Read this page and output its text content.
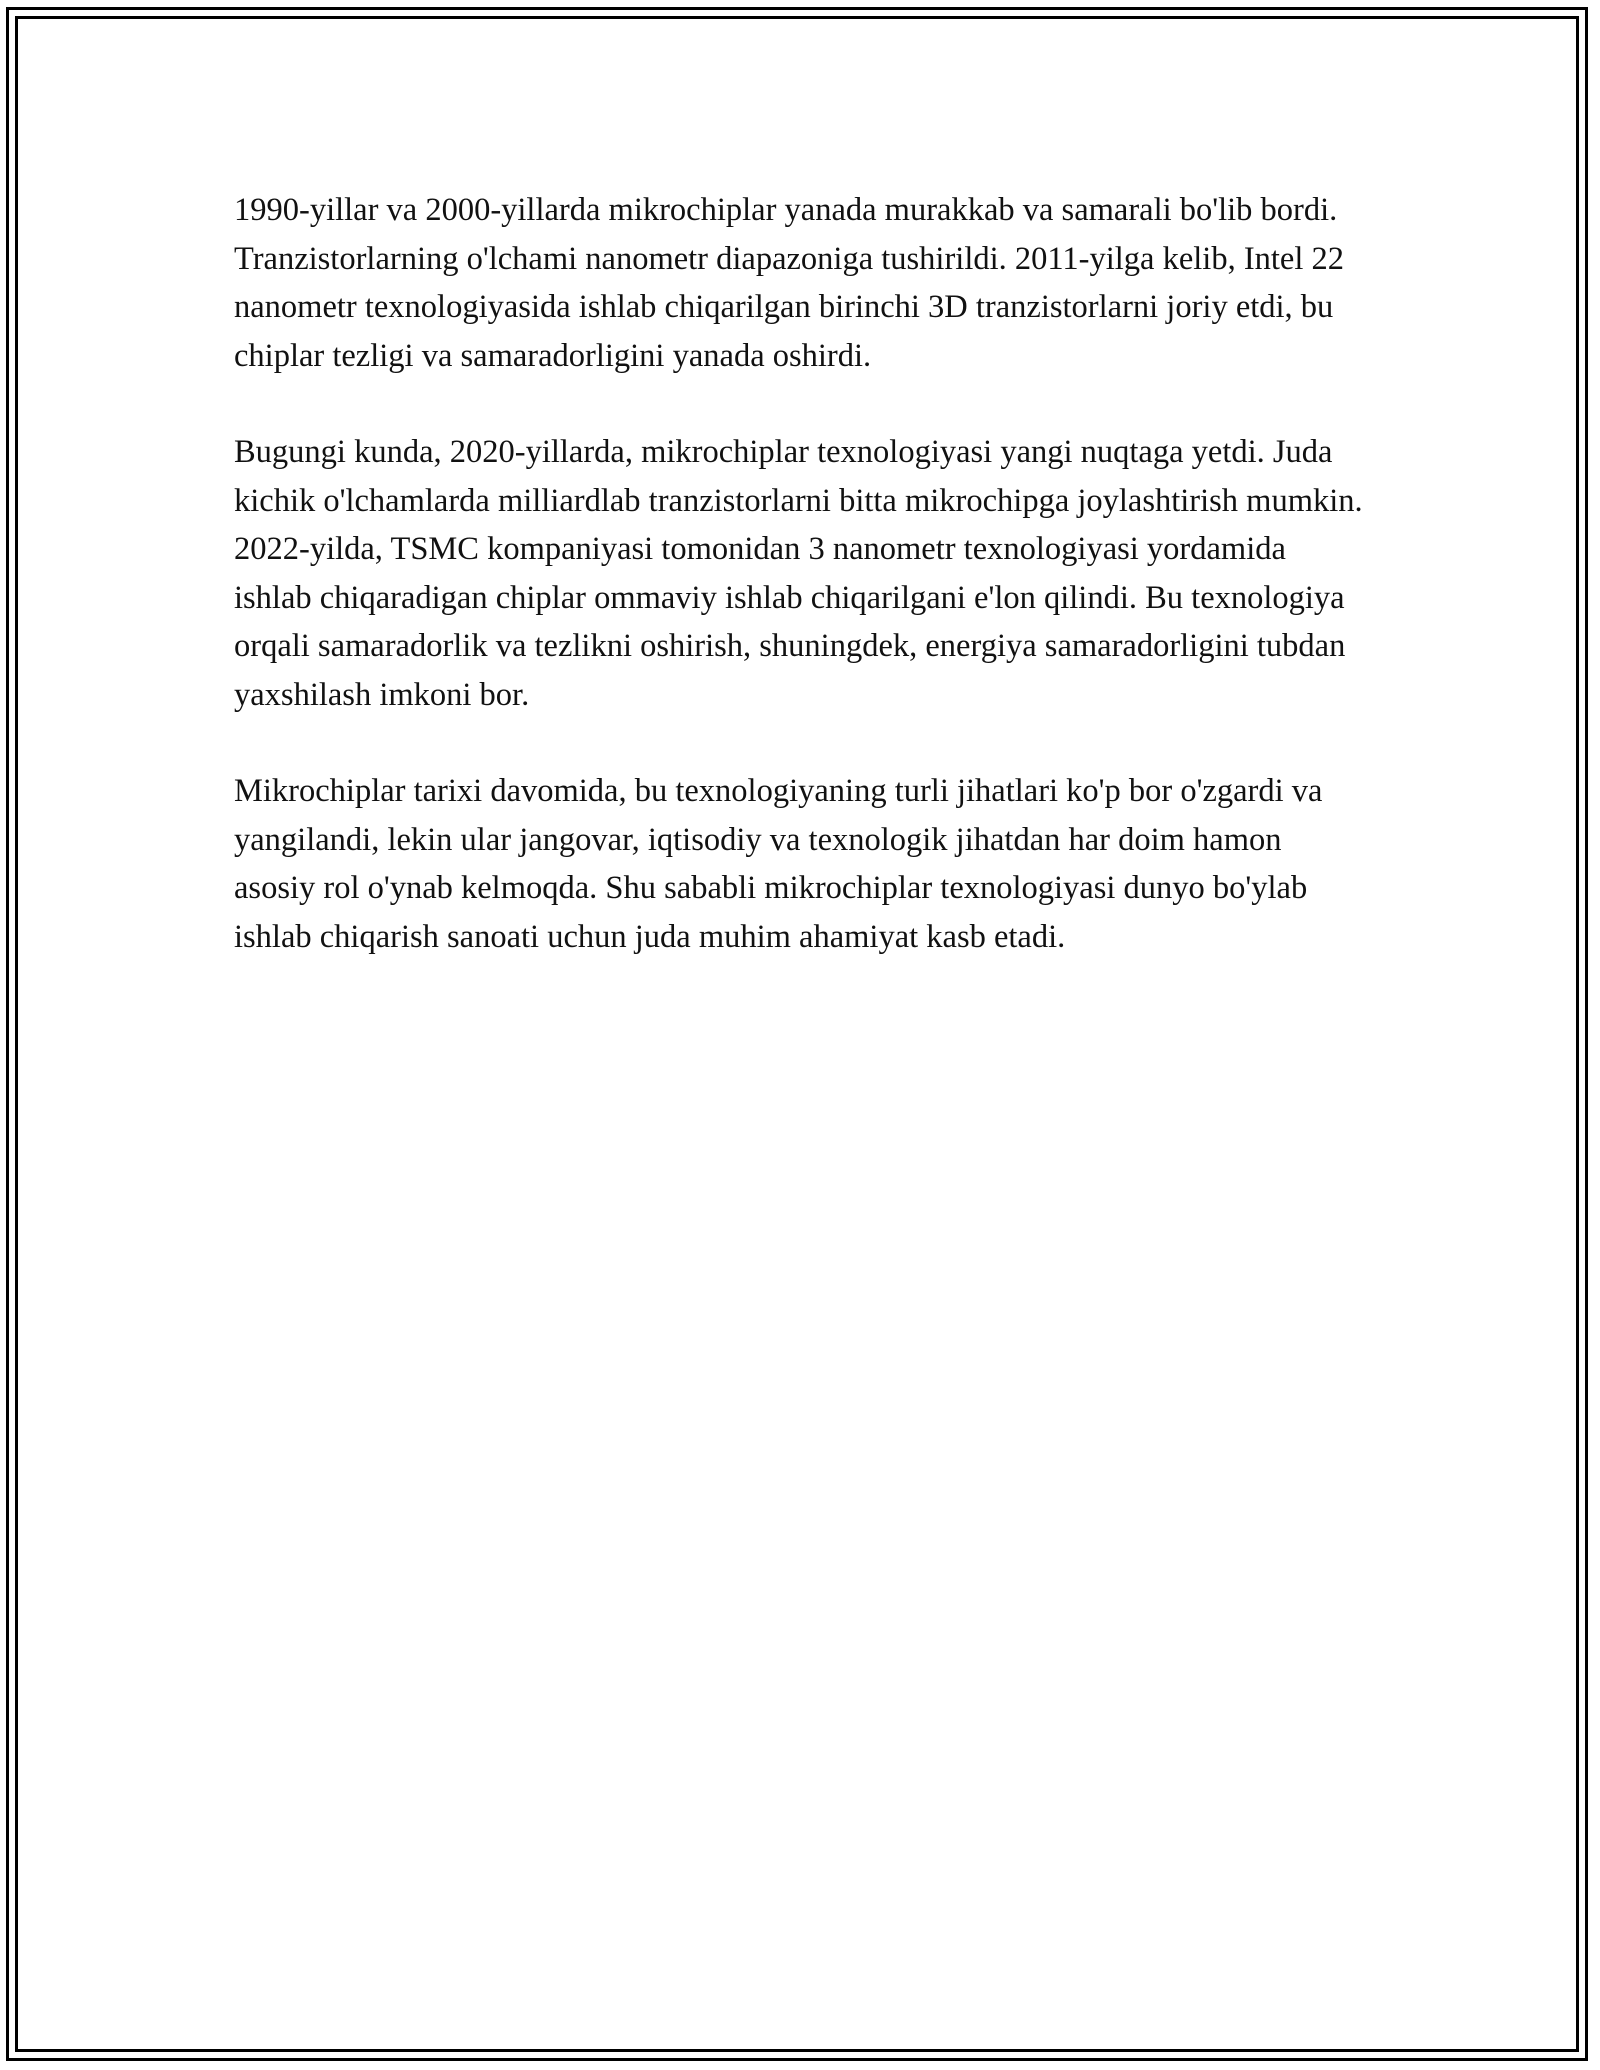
1990-yillar va 2000-yillarda mikrochiplar yanada murakkab va samarali bo'lib bordi. Tranzistorlarning o'lchami nanometr diapazoniga tushirildi. 2011-yilga kelib, Intel 22 nanometr texnologiyasida ishlab chiqarilgan birinchi 3D tranzistorlarni joriy etdi, bu chiplar tezligi va samaradorligini yanada oshirdi.

Bugungi kunda, 2020-yillarda, mikrochiplar texnologiyasi yangi nuqtaga yetdi. Juda kichik o'lchamlarda milliardlab tranzistorlarni bitta mikrochipga joylashtirish mumkin. 2022-yilda, TSMC kompaniyasi tomonidan 3 nanometr texnologiyasi yordamida ishlab chiqaradigan chiplar ommaviy ishlab chiqarilgani e'lon qilindi. Bu texnologiya orqali samaradorlik va tezlikni oshirish, shuningdek, energiya samaradorligini tubdan yaxshilash imkoni bor.

Mikrochiplar tarixi davomida, bu texnologiyaning turli jihatlari ko'p bor o'zgardi va yangilandi, lekin ular jangovar, iqtisodiy va texnologik jihatdan har doim hamon asosiy rol o'ynab kelmoqda. Shu sababli mikrochiplar texnologiyasi dunyo bo'ylab ishlab chiqarish sanoati uchun juda muhim ahamiyat kasb etadi.
